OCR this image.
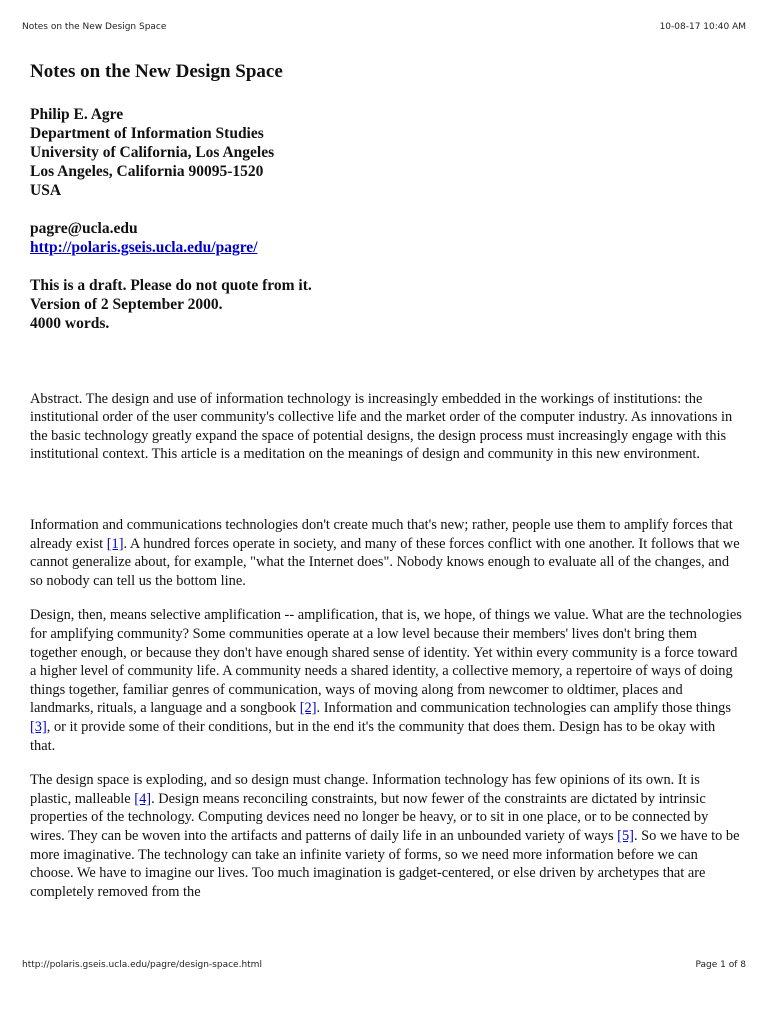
Notes on the New Design Space	10-08-17 10:40 AM
Notes on the New Design Space
Philip E. Agre
Department of Information Studies
University of California, Los Angeles
Los Angeles, California 90095-1520
USA
pagre@ucla.edu
http://polaris.gseis.ucla.edu/pagre/
This is a draft. Please do not quote from it.
Version of 2 September 2000.
4000 words.

Abstract. The design and use of information technology is increasingly embedded in the workings of institutions: the institutional order of the user community's collective life and the market order of the computer industry. As innovations in the basic technology greatly expand the space of potential designs, the design process must increasingly engage with this institutional context. This article is a meditation on the meanings of design and community in this new environment.

Information and communications technologies don't create much that's new; rather, people use them to amplify forces that already exist [1]. A hundred forces operate in society, and many of these forces conflict with one another. It follows that we cannot generalize about, for example, "what the Internet does". Nobody knows enough to evaluate all of the changes, and so nobody can tell us the bottom line.

Design, then, means selective amplification -- amplification, that is, we hope, of things we value. What are the technologies for amplifying community? Some communities operate at a low level because their members' lives don't bring them together enough, or because they don't have enough shared sense of identity. Yet within every community is a force toward a higher level of community life. A community needs a shared identity, a collective memory, a repertoire of ways of doing things together, familiar genres of communication, ways of moving along from newcomer to oldtimer, places and landmarks, rituals, a language and a songbook [2]. Information and communication technologies can amplify those things [3], or it provide some of their conditions, but in the end it's the community that does them. Design has to be okay with that.

The design space is exploding, and so design must change. Information technology has few opinions of its own. It is plastic, malleable [4]. Design means reconciling constraints, but now fewer of the constraints are dictated by intrinsic properties of the technology. Computing devices need no longer be heavy, or to sit in one place, or to be connected by wires. They can be woven into the artifacts and patterns of daily life in an unbounded variety of ways [5]. So we have to be more imaginative. The technology can take an infinite variety of forms, so we need more information before we can choose. We have to imagine our lives. Too much imagination is gadget-centered, or else driven by archetypes that are completely removed from the

http://polaris.gseis.ucla.edu/pagre/design-space.html	Page 1 of 8
